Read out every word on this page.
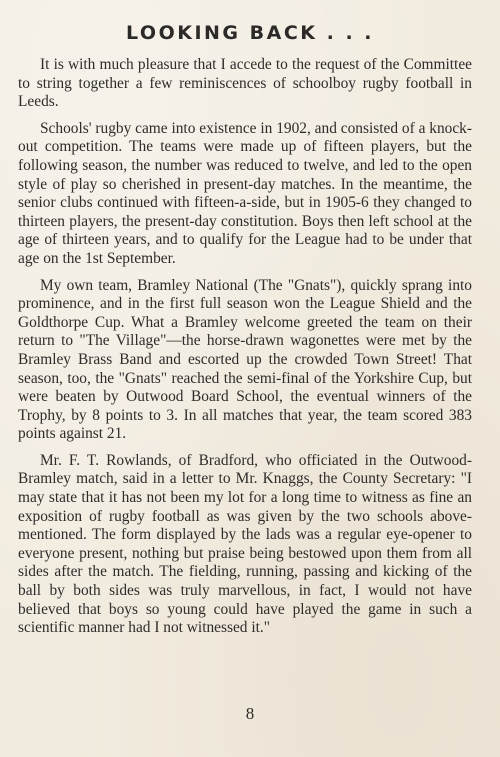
LOOKING BACK . . .

It is with much pleasure that I accede to the request of the Committee to string together a few reminiscences of schoolboy rugby football in Leeds.

Schools' rugby came into existence in 1902, and consisted of a knock-out competition. The teams were made up of fifteen players, but the following season, the number was reduced to twelve, and led to the open style of play so cherished in present-day matches. In the meantime, the senior clubs continued with fifteen-a-side, but in 1905-6 they changed to thirteen players, the present-day constitution. Boys then left school at the age of thirteen years, and to qualify for the League had to be under that age on the 1st September.

My own team, Bramley National (The "Gnats"), quickly sprang into prominence, and in the first full season won the League Shield and the Goldthorpe Cup. What a Bramley welcome greeted the team on their return to "The Village"—the horse-drawn wagonettes were met by the Bramley Brass Band and escorted up the crowded Town Street! That season, too, the "Gnats" reached the semi-final of the Yorkshire Cup, but were beaten by Outwood Board School, the eventual winners of the Trophy, by 8 points to 3. In all matches that year, the team scored 383 points against 21.

Mr. F. T. Rowlands, of Bradford, who officiated in the Outwood-Bramley match, said in a letter to Mr. Knaggs, the County Secretary: "I may state that it has not been my lot for a long time to witness as fine an exposition of rugby football as was given by the two schools above-mentioned. The form displayed by the lads was a regular eye-opener to everyone present, nothing but praise being bestowed upon them from all sides after the match. The fielding, running, passing and kicking of the ball by both sides was truly marvellous, in fact, I would not have believed that boys so young could have played the game in such a scientific manner had I not witnessed it."

8
